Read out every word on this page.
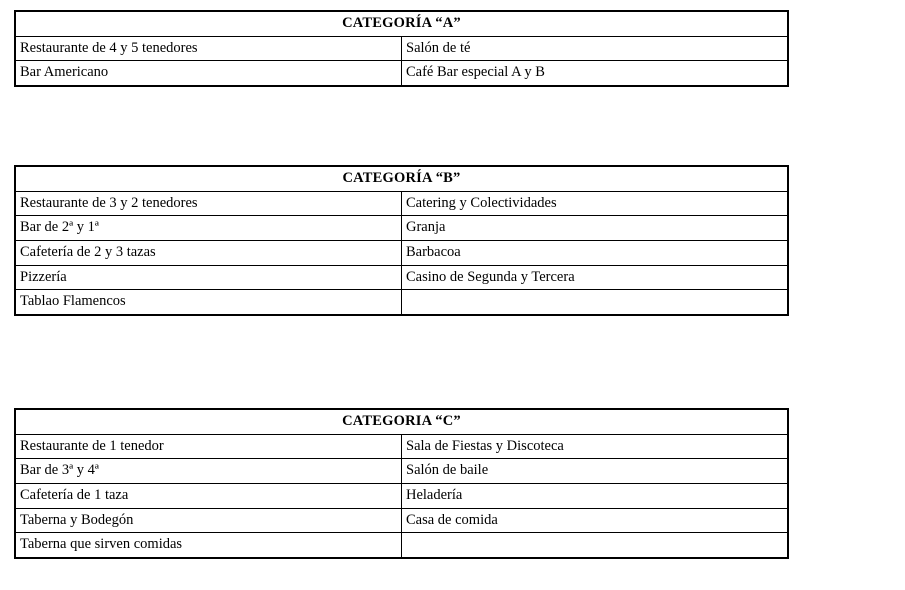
CATEGORÍA “A”	
Restaurante de 4 y 5 tenedores	Salón de té
Bar Americano	Café Bar especial A y B
CATEGORÍA “B”	
Restaurante de 3 y 2 tenedores	Catering y Colectividades
Bar de 2ª y 1ª	Granja
Cafetería de 2 y 3 tazas	Barbacoa
Pizzería	Casino de Segunda y Tercera
Tablao Flamencos	
CATEGORIA “C”	
Restaurante de 1 tenedor	Sala de Fiestas y Discoteca
Bar de 3ª y 4ª	Salón de baile
Cafetería de 1 taza	Heladería
Taberna y Bodegón	Casa de comida
Taberna que sirven comidas	
